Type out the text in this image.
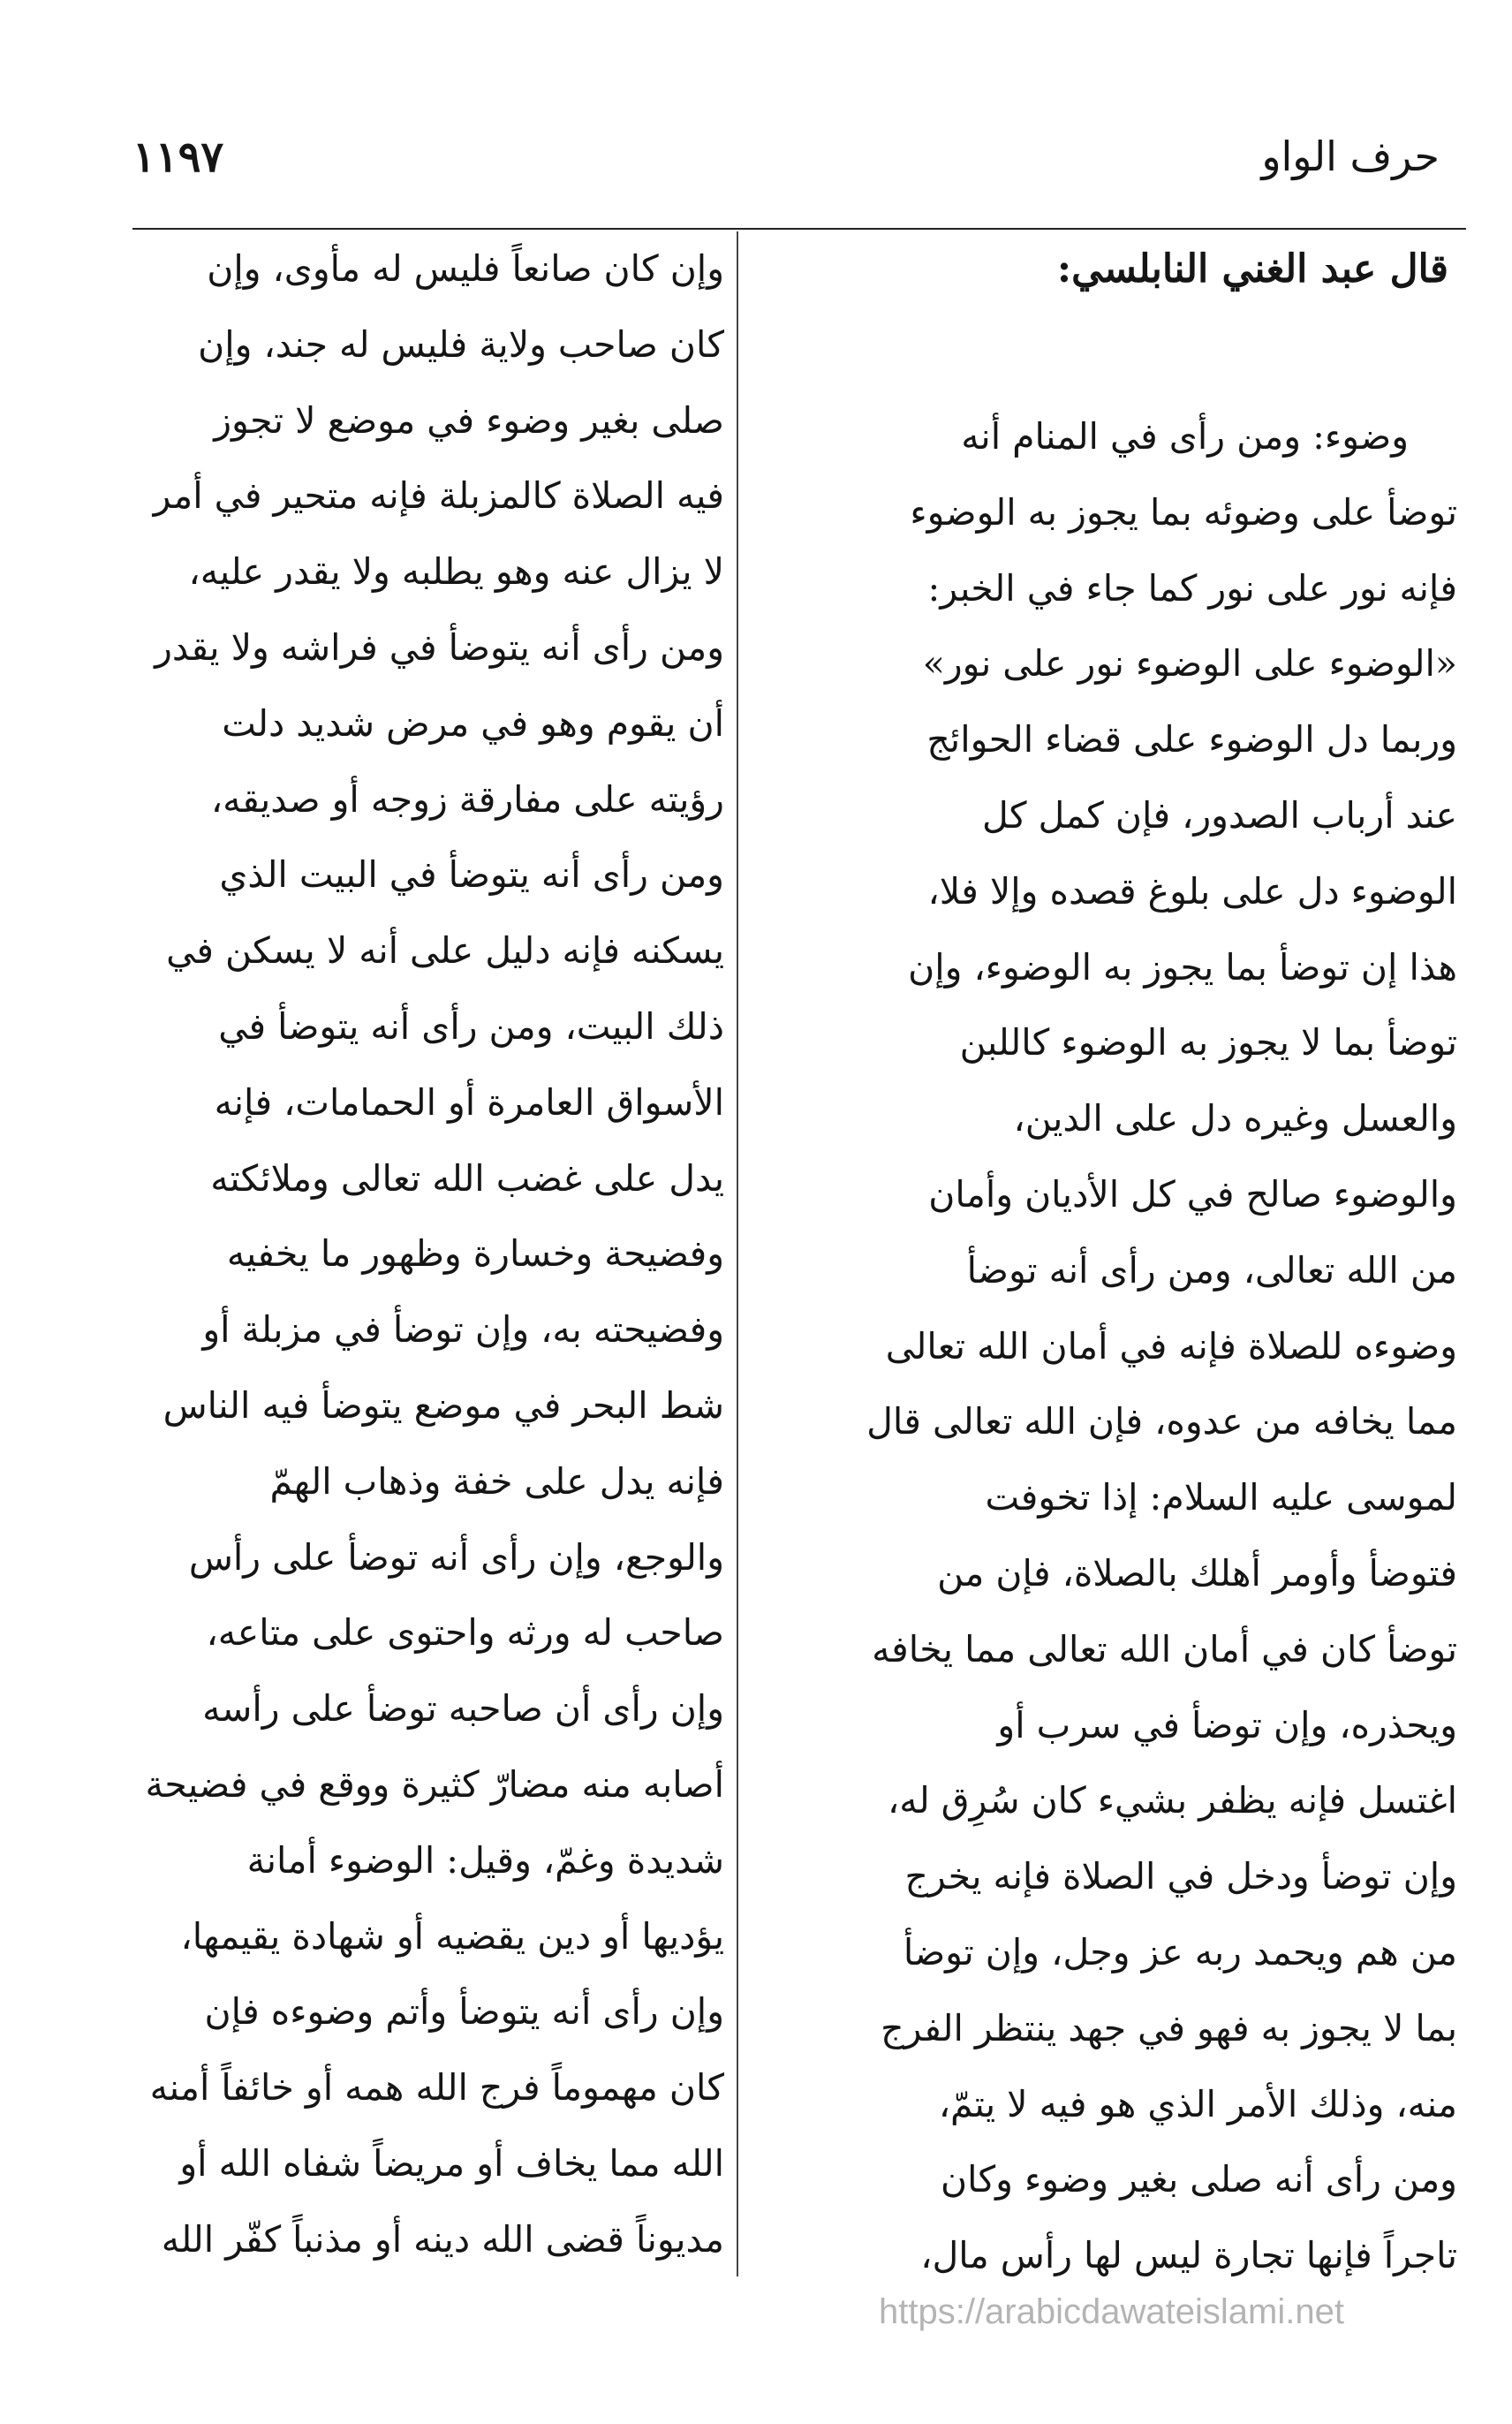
١١٩٧	حرف الواو

قال عبد الغني النابلسي:

وضوء: ومن رأى في المنام أنه

توضأ على وضوئه بما يجوز به الوضوء

فإنه نور على نور كما جاء في الخبر:

«الوضوء على الوضوء نور على نور»

وربما دل الوضوء على قضاء الحوائج

عند أرباب الصدور، فإن كمل كل

الوضوء دل على بلوغ قصده وإلا فلا،

هذا إن توضأ بما يجوز به الوضوء، وإن

توضأ بما لا يجوز به الوضوء كاللبن

والعسل وغيره دل على الدين،

والوضوء صالح في كل الأديان وأمان

من الله تعالى، ومن رأى أنه توضأ

وضوءه للصلاة فإنه في أمان الله تعالى

مما يخافه من عدوه، فإن الله تعالى قال

لموسى عليه السلام: إذا تخوفت

فتوضأ وأومر أهلك بالصلاة، فإن من

توضأ كان في أمان الله تعالى مما يخافه

ويحذره، وإن توضأ في سرب أو

اغتسل فإنه يظفر بشيء كان سُرِق له،

وإن توضأ ودخل في الصلاة فإنه يخرج

من هم ويحمد ربه عز وجل، وإن توضأ

بما لا يجوز به فهو في جهد ينتظر الفرج

منه، وذلك الأمر الذي هو فيه لا يتمّ،

ومن رأى أنه صلى بغير وضوء وكان

تاجراً فإنها تجارة ليس لها رأس مال،

وإن كان صانعاً فليس له مأوى، وإن

كان صاحب ولاية فليس له جند، وإن

صلى بغير وضوء في موضع لا تجوز

فيه الصلاة كالمزبلة فإنه متحير في أمر

لا يزال عنه وهو يطلبه ولا يقدر عليه،

ومن رأى أنه يتوضأ في فراشه ولا يقدر

أن يقوم وهو في مرض شديد دلت

رؤيته على مفارقة زوجه أو صديقه،

ومن رأى أنه يتوضأ في البيت الذي

يسكنه فإنه دليل على أنه لا يسكن في

ذلك البيت، ومن رأى أنه يتوضأ في

الأسواق العامرة أو الحمامات، فإنه

يدل على غضب الله تعالى وملائكته

وفضيحة وخسارة وظهور ما يخفيه

وفضيحته به، وإن توضأ في مزبلة أو

شط البحر في موضع يتوضأ فيه الناس

فإنه يدل على خفة وذهاب الهمّ

والوجع، وإن رأى أنه توضأ على رأس

صاحب له ورثه واحتوى على متاعه،

وإن رأى أن صاحبه توضأ على رأسه

أصابه منه مضارّ كثيرة ووقع في فضيحة

شديدة وغمّ، وقيل: الوضوء أمانة

يؤديها أو دين يقضيه أو شهادة يقيمها،

وإن رأى أنه يتوضأ وأتم وضوءه فإن

كان مهموماً فرج الله همه أو خائفاً أمنه

الله مما يخاف أو مريضاً شفاه الله أو

مديوناً قضى الله دينه أو مذنباً كفّر الله

https://arabicdawateislami.net
